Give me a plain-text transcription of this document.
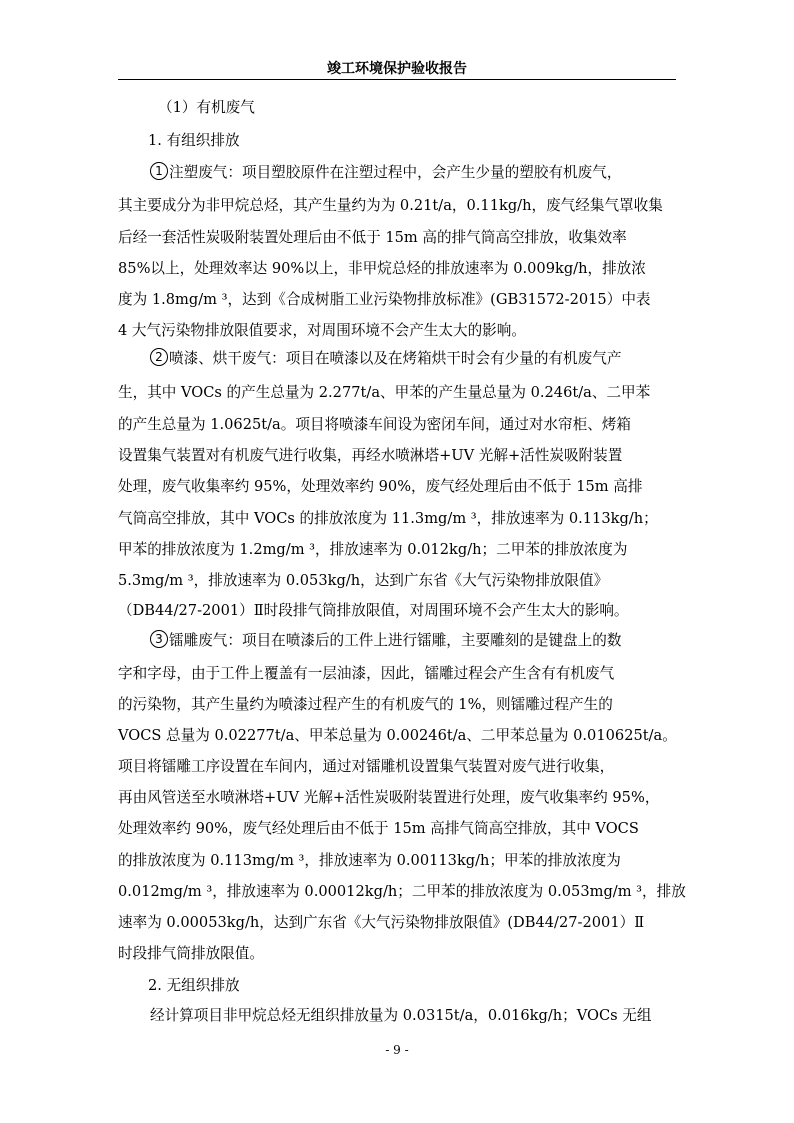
竣工环境保护验收报告
（1）有机废气
1. 有组织排放
1 注塑废气：项目塑胶原件在注塑过程中，会产生少量的塑胶有机废气，
其主要成分为非甲烷总烃，其产生量约为为 0.21t/a，0.11kg/h，废气经集气罩收集
后经一套活性炭吸附装置处理后由不低于 15m 高的排气筒高空排放，收集效率
85%以上，处理效率达 90%以上，非甲烷总烃的排放速率为 0.009kg/h，排放浓
度为 1.8mg/m ³，达到《合成树脂工业污染物排放标准》(GB31572-2015）中表
4 大气污染物排放限值要求，对周围环境不会产生太大的影响。
2 喷漆、烘干废气：项目在喷漆以及在烤箱烘干时会有少量的有机废气产
生，其中 VOCs 的产生总量为 2.277t/a、甲苯的产生量总量为 0.246t/a、二甲苯
的产生总量为 1.0625t/a。项目将喷漆车间设为密闭车间，通过对水帘柜、烤箱
设置集气装置对有机废气进行收集，再经水喷淋塔+UV 光解+活性炭吸附装置
处理，废气收集率约 95%，处理效率约 90%，废气经处理后由不低于 15m 高排
气筒高空排放，其中 VOCs 的排放浓度为 11.3mg/m ³，排放速率为 0.113kg/h；
甲苯的排放浓度为 1.2mg/m ³，排放速率为 0.012kg/h；二甲苯的排放浓度为
5.3mg/m ³，排放速率为 0.053kg/h，达到广东省《大气污染物排放限值》
（DB44/27-2001）Ⅱ时段排气筒排放限值，对周围环境不会产生太大的影响。
3 镭雕废气：项目在喷漆后的工件上进行镭雕，主要雕刻的是键盘上的数
字和字母，由于工件上覆盖有一层油漆，因此，镭雕过程会产生含有有机废气
的污染物，其产生量约为喷漆过程产生的有机废气的 1%，则镭雕过程产生的
VOCS 总量为 0.02277t/a、甲苯总量为 0.00246t/a、二甲苯总量为 0.010625t/a。
项目将镭雕工序设置在车间内，通过对镭雕机设置集气装置对废气进行收集，
再由风管送至水喷淋塔+UV 光解+活性炭吸附装置进行处理，废气收集率约 95%，
处理效率约 90%，废气经处理后由不低于 15m 高排气筒高空排放，其中 VOCS
的排放浓度为 0.113mg/m ³，排放速率为 0.00113kg/h；甲苯的排放浓度为
0.012mg/m ³，排放速率为 0.00012kg/h；二甲苯的排放浓度为 0.053mg/m ³，排放
速率为 0.00053kg/h，达到广东省《大气污染物排放限值》(DB44/27-2001）Ⅱ
时段排气筒排放限值。
2. 无组织排放
经计算项目非甲烷总烃无组织排放量为 0.0315t/a，0.016kg/h；VOCs 无组
- 9 -
